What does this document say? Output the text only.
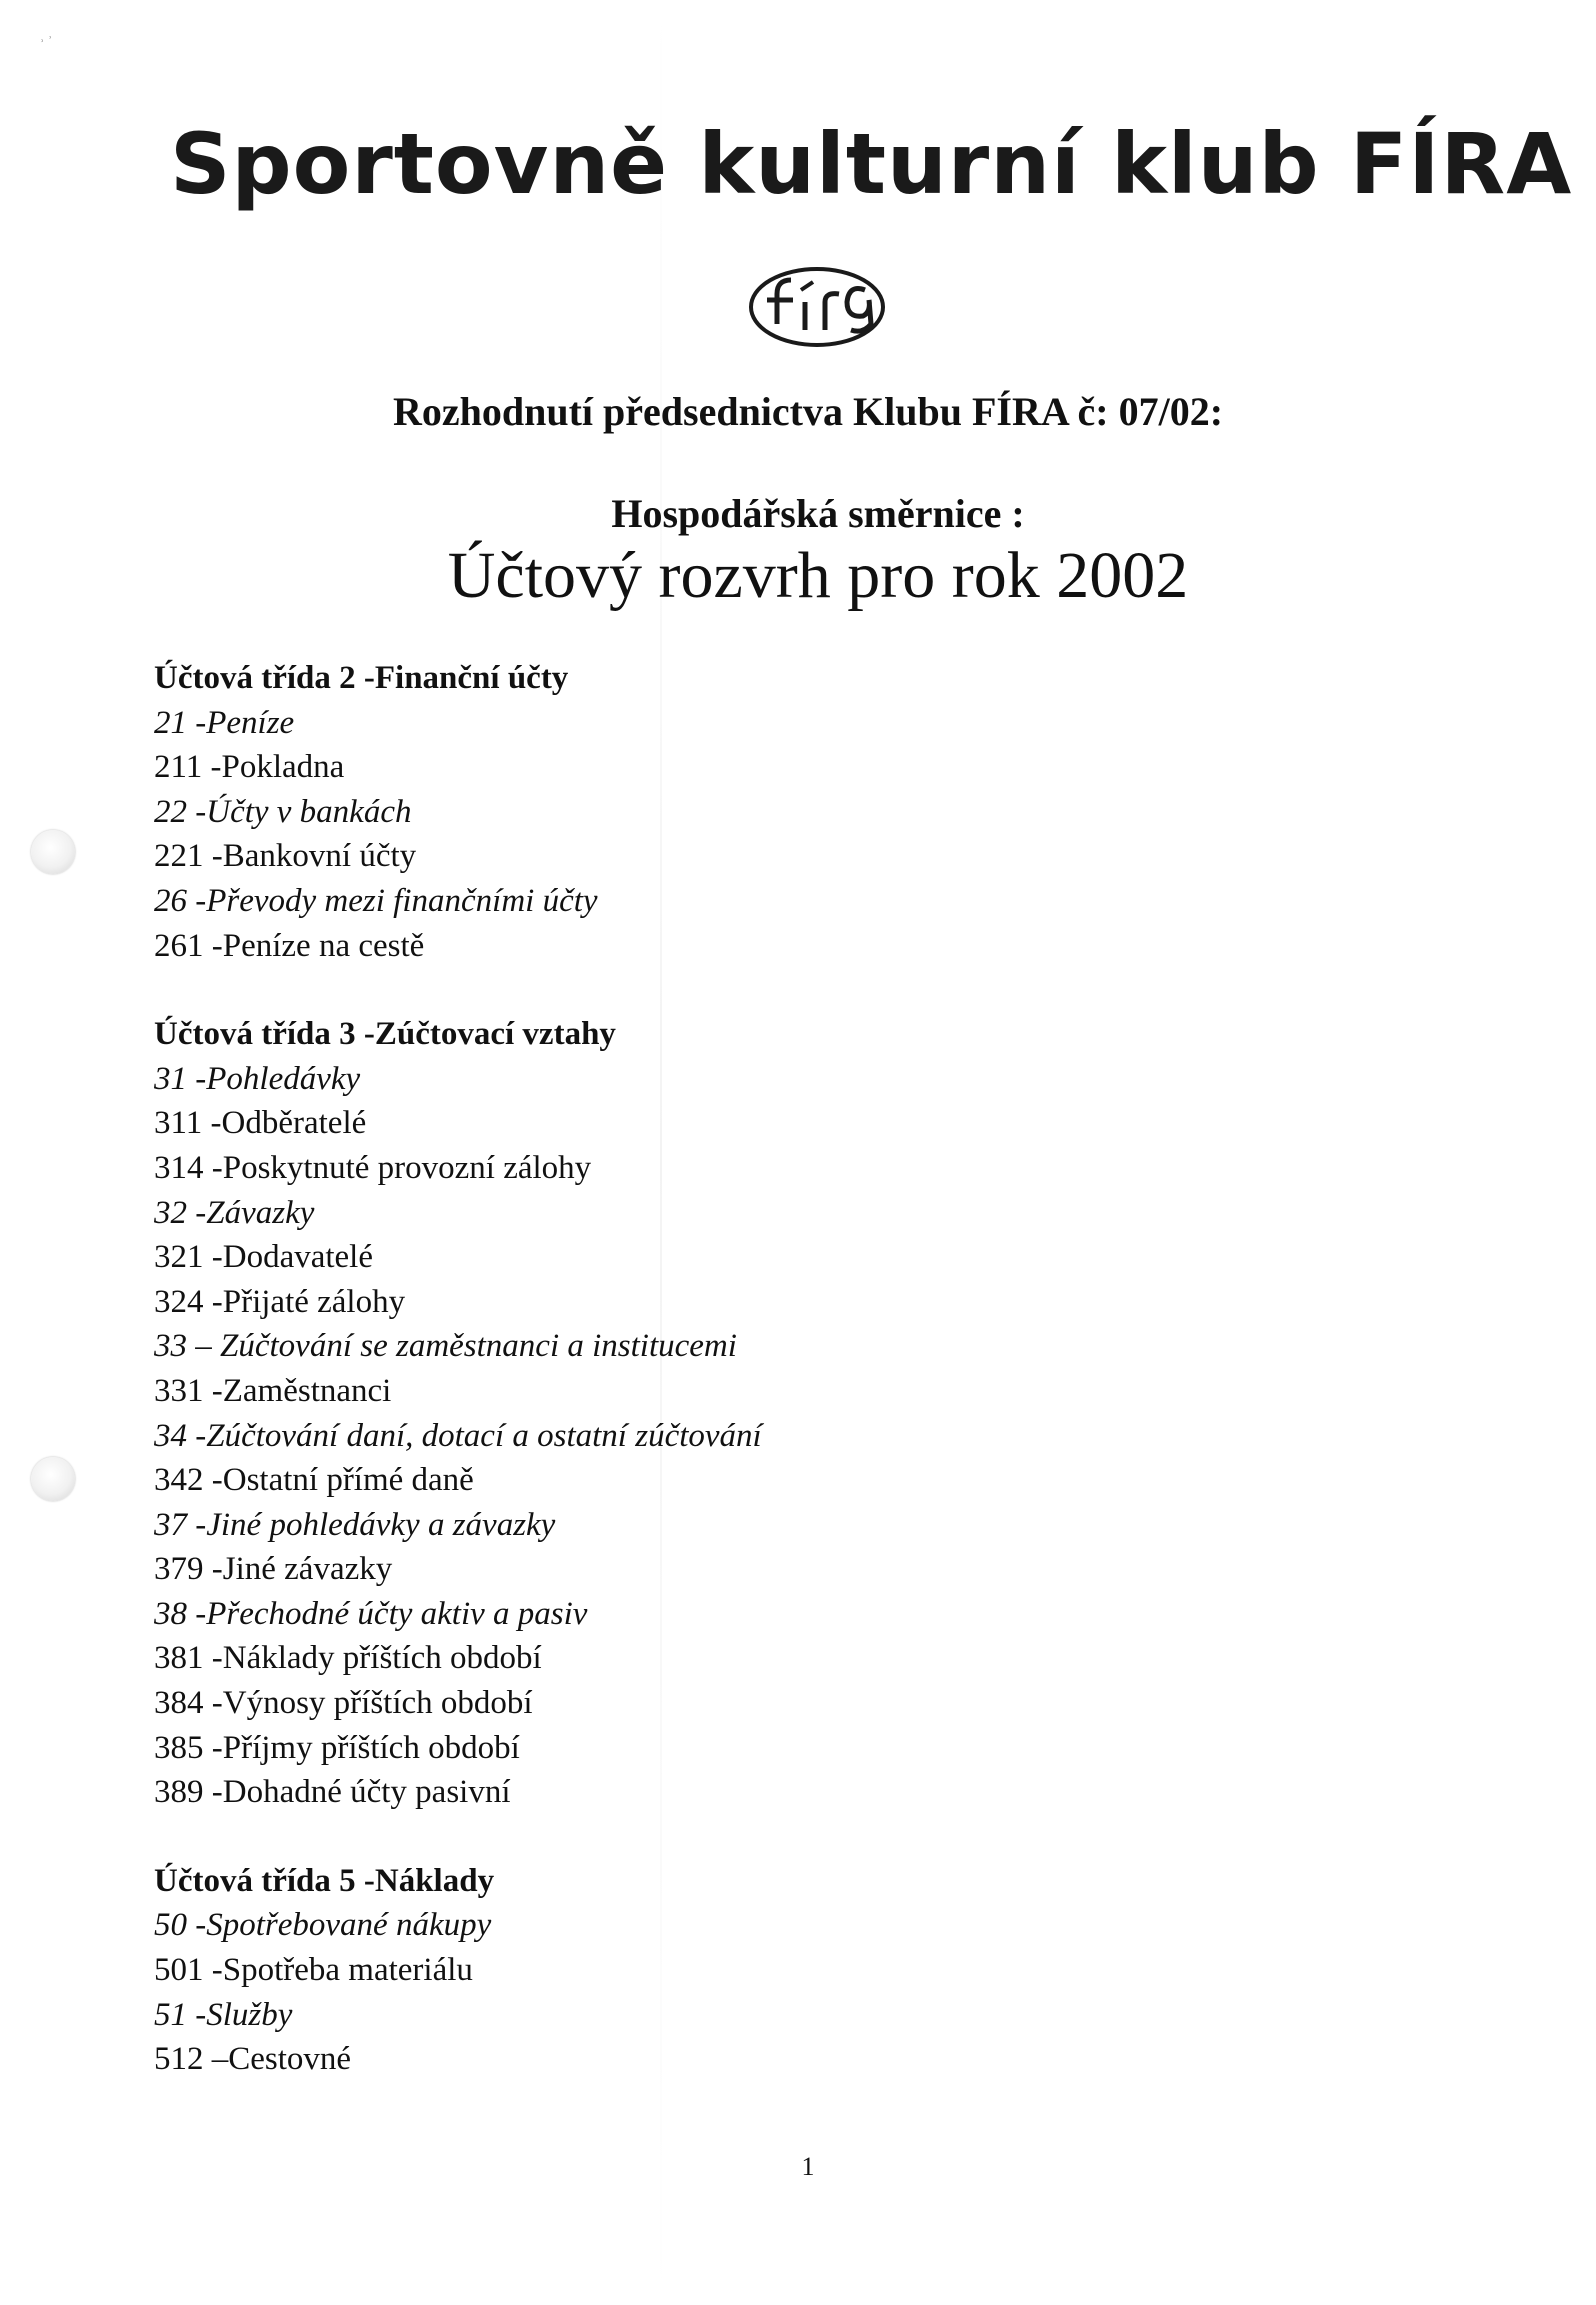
⸒ ˒
Sportovně kulturní klub FÍRA
Rozhodnutí předsednictva Klubu FÍRA č: 07/02:
Hospodářská směrnice :
Účtový rozvrh pro rok 2002
Účtová třída 2 -Finanční účty
21 -Peníze
211 -Pokladna
22 -Účty v bankách
221 -Bankovní účty
26 -Převody mezi finančními účty
261 -Peníze na cestě
Účtová třída 3 -Zúčtovací vztahy
31 -Pohledávky
311 -Odběratelé
314 -Poskytnuté provozní zálohy
32 -Závazky
321 -Dodavatelé
324 -Přijaté zálohy
33 – Zúčtování se zaměstnanci a institucemi
331 -Zaměstnanci
34 -Zúčtování daní, dotací a ostatní zúčtování
342 -Ostatní přímé daně
37 -Jiné pohledávky a závazky
379 -Jiné závazky
38 -Přechodné účty aktiv a pasiv
381 -Náklady příštích období
384 -Výnosy příštích období
385 -Příjmy příštích období
389 -Dohadné účty pasivní
Účtová třída 5 -Náklady
50 -Spotřebované nákupy
501 -Spotřeba materiálu
51 -Služby
512 –Cestovné
1
